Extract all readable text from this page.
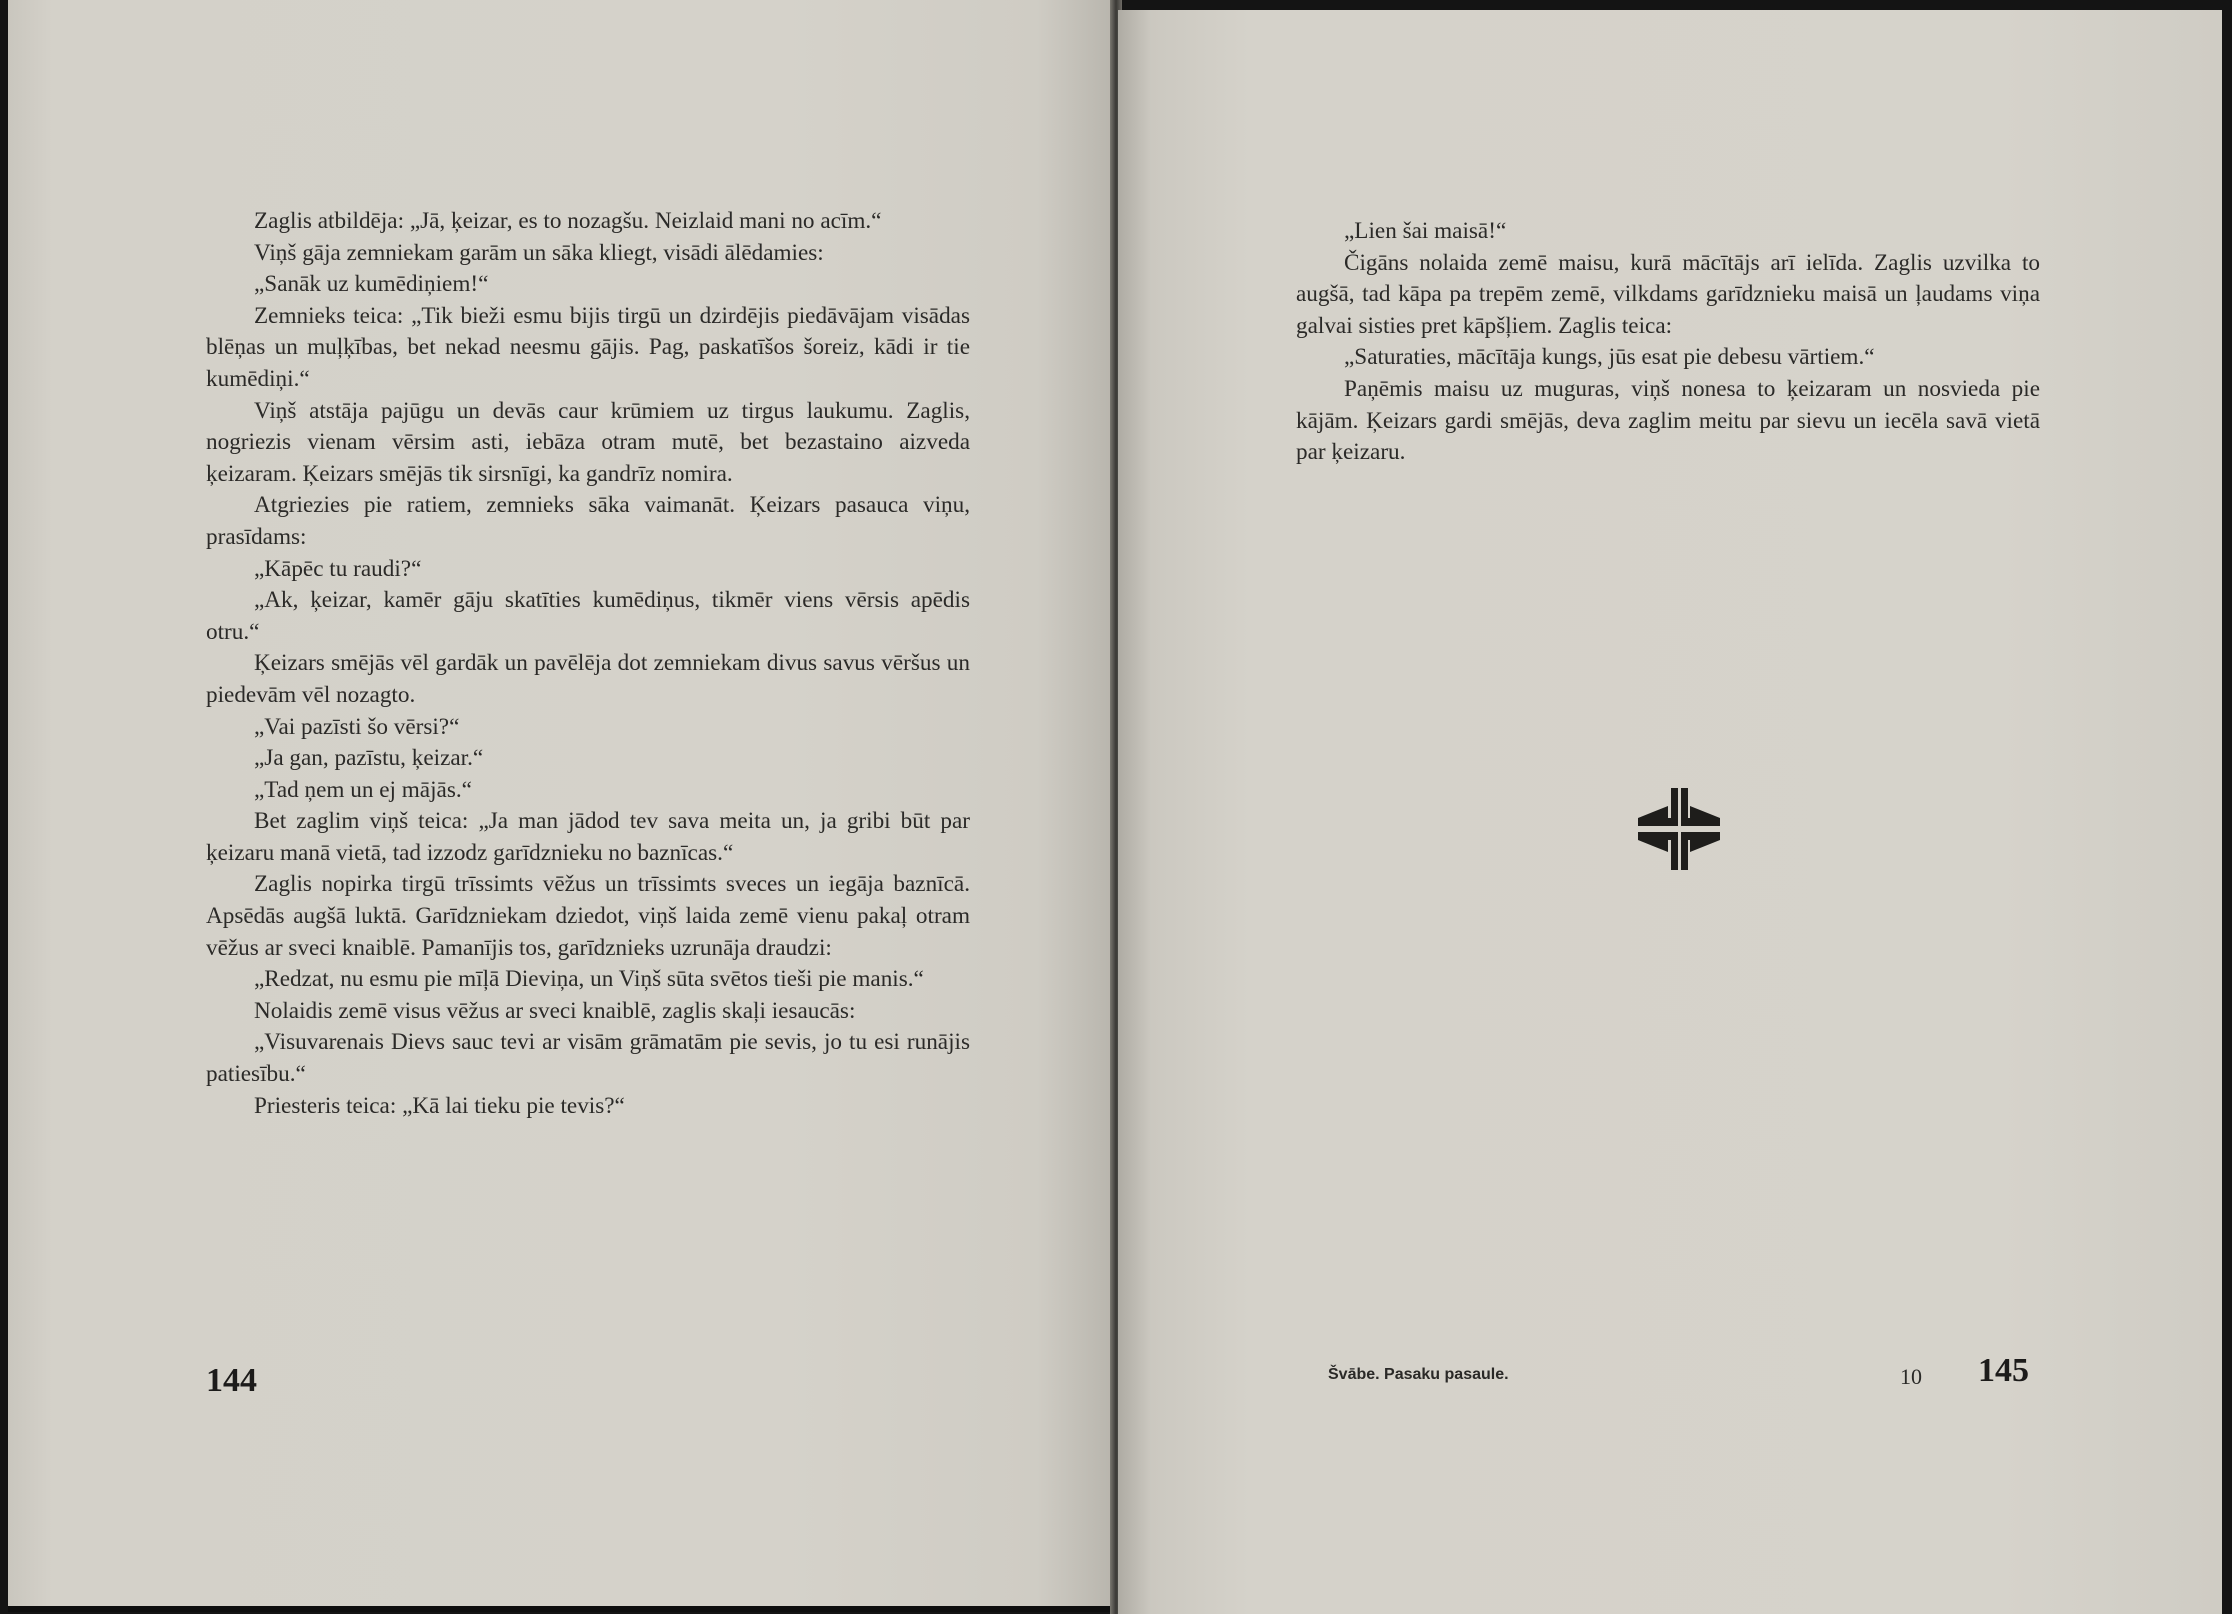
Zaglis atbildēja: „Jā, ķeizar, es to nozagšu. Neizlaid mani no acīm.“

Viņš gāja zemniekam garām un sāka kliegt, visādi ālēdamies:

„Sanāk uz kumēdiņiem!“

Zemnieks teica: „Tik bieži esmu bijis tirgū un dzirdējis piedāvājam visādas blēņas un muļķības, bet nekad neesmu gājis. Pag, paskatīšos šoreiz, kādi ir tie kumēdiņi.“

Viņš atstāja pajūgu un devās caur krūmiem uz tirgus laukumu. Zaglis, nogriezis vienam vērsim asti, iebāza otram mutē, bet bezastaino aizveda ķeizaram. Ķeizars smējās tik sirsnīgi, ka gandrīz nomira.

Atgriezies pie ratiem, zemnieks sāka vaimanāt. Ķeizars pasauca viņu, prasīdams:

„Kāpēc tu raudi?“

„Ak, ķeizar, kamēr gāju skatīties kumēdiņus, tikmēr viens vērsis apēdis otru.“

Ķeizars smējās vēl gardāk un pavēlēja dot zemniekam divus savus vēršus un piedevām vēl nozagto.

„Vai pazīsti šo vērsi?“

„Ja gan, pazīstu, ķeizar.“

„Tad ņem un ej mājās.“

Bet zaglim viņš teica: „Ja man jādod tev sava meita un, ja gribi būt par ķeizaru manā vietā, tad izzodz garīdznieku no baznīcas.“

Zaglis nopirka tirgū trīssimts vēžus un trīssimts sveces un iegāja baznīcā. Apsēdās augšā luktā. Garīdzniekam dziedot, viņš laida zemē vienu pakaļ otram vēžus ar sveci knaiblē. Pamanījis tos, garīdznieks uzrunāja draudzi:

„Redzat, nu esmu pie mīļā Dieviņa, un Viņš sūta svētos tieši pie manis.“

Nolaidis zemē visus vēžus ar sveci knaiblē, zaglis skaļi iesaucās:

„Visuvarenais Dievs sauc tevi ar visām grāmatām pie sevis, jo tu esi runājis patiesību.“

Priesteris teica: „Kā lai tieku pie tevis?“

144

„Lien šai maisā!“

Čigāns nolaida zemē maisu, kurā mācītājs arī ielīda. Zaglis uzvilka to augšā, tad kāpa pa trepēm zemē, vilkdams garīdznieku maisā un ļaudams viņa galvai sisties pret kāpšļiem. Zaglis teica:

„Saturaties, mācītāja kungs, jūs esat pie debesu vārtiem.“

Paņēmis maisu uz muguras, viņš nonesa to ķeizaram un nosvieda pie kājām. Ķeizars gardi smējās, deva zaglim meitu par sievu un iecēla savā vietā par ķeizaru.

Švābe. Pasaku pasaule.	10 145
